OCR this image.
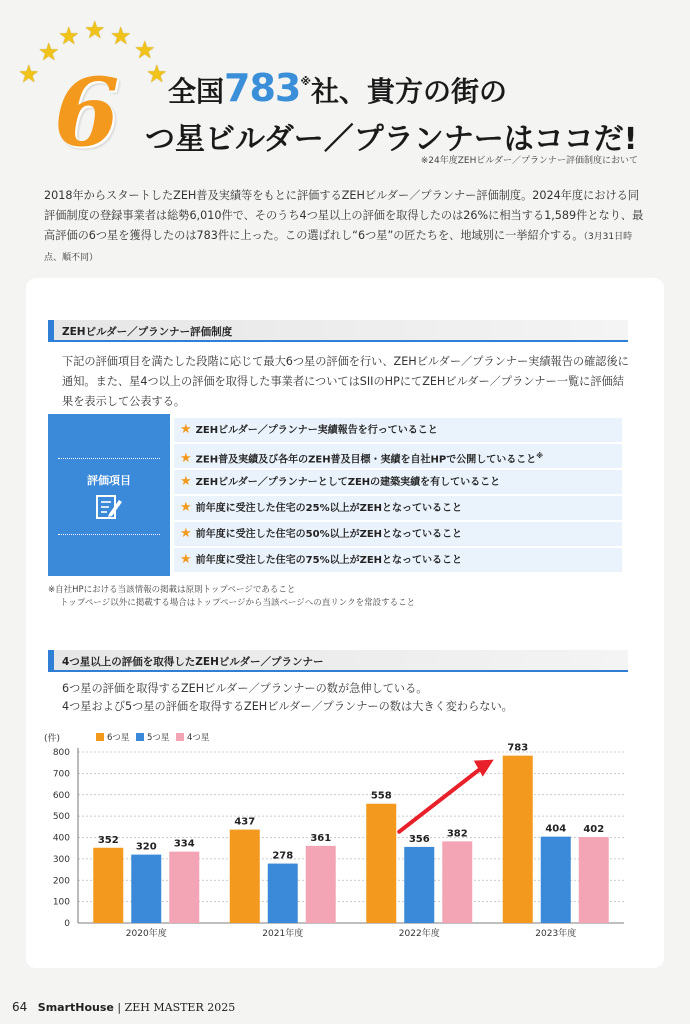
★
★ ★ ★ ★
★	★
6 全国783※社、貴方の街の
つ星ビルダー／プランナーはココだ!
※24年度ZEHビルダー／プランナー評価制度において
2018年からスタートしたZEH普及実績等をもとに評価するZEHビルダー／プランナー評価制度。2024年度における同評価制度の登録事業者は総勢6,010件で、そのうち4つ星以上の評価を取得したのは26%に相当する1,589件となり、最高評価の6つ星を獲得したのは783件に上った。この選ばれし“6つ星”の匠たちを、地域別に一挙紹介する。（3月31日時点、順不同）
ZEHビルダー／プランナー評価制度
下記の評価項目を満たした段階に応じて最大6つ星の評価を行い、ZEHビルダー／プランナー実績報告の確認後に通知。また、星4つ以上の評価を取得した事業者についてはSIIのHPにてZEHビルダー／プランナー一覧に評価結果を表示して公表する。
評価項目
★ ZEHビルダー／プランナー実績報告を行っていること
★ ZEH普及実績及び各年のZEH普及目標・実績を自社HPで公開していること※
★ ZEHビルダー／プランナーとしてZEHの建築実績を有していること
★ 前年度に受注した住宅の25%以上がZEHとなっていること
★ 前年度に受注した住宅の50%以上がZEHとなっていること
★ 前年度に受注した住宅の75%以上がZEHとなっていること
※自社HPにおける当該情報の掲載は原則トップページであること
トップページ以外に掲載する場合はトップページから当該ページへの直リンクを常設すること
4つ星以上の評価を取得したZEHビルダー／プランナー
6つ星の評価を取得するZEHビルダー／プランナーの数が急伸している。
4つ星および5つ星の評価を取得するZEHビルダー／プランナーの数は大きく変わらない。
(件)	6つ星 5つ星 4つ星
0
100
200
300
400
500
600
700
800
352
320 334
2020年度
437
278
361
2021年度
558
356
382
2022年度
783
404 402
2023年度
64 SmartHouse | ZEH MASTER 2025
